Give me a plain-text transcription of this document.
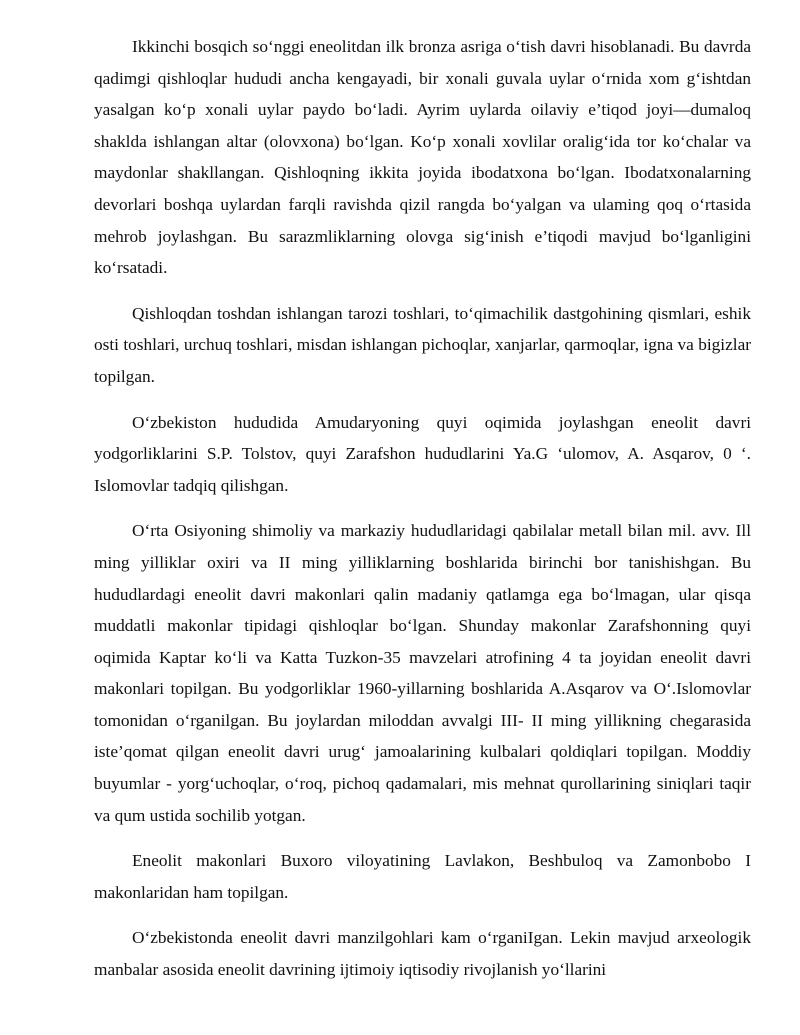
Ikkinchi bosqich so‘nggi eneolitdan ilk bronza asriga o‘tish davri hisoblanadi. Bu davrda qadimgi qishloqlar hududi ancha kengayadi, bir xonali guvala uylar o‘rnida xom g‘ishtdan yasalgan ko‘p xonali uylar paydo bo‘ladi. Ayrim uylarda oilaviy e’tiqod joyi—dumaloq shaklda ishlangan altar (olovxona) bo‘lgan. Ko‘p xonali xovlilar oralig‘ida tor ko‘chalar va maydonlar shakllangan. Qishloqning ikkita joyida ibodatxona bo‘lgan. Ibodatxonalarning devorlari boshqa uylardan farqli ravishda qizil rangda bo‘yalgan va ulaming qoq o‘rtasida mehrob joylashgan. Bu sarazmliklarning olovga sig‘inish e’tiqodi mavjud bo‘lganligini ko‘rsatadi.

Qishloqdan toshdan ishlangan tarozi toshlari, to‘qimachilik dastgohining qismlari, eshik osti toshlari, urchuq toshlari, misdan ishlangan pichoqlar, xanjarlar, qarmoqlar, igna va bigizlar topilgan.

O‘zbekiston hududida Amudaryoning quyi oqimida joylashgan eneolit davri yodgorliklarini S.P. Tolstov, quyi Zarafshon hududlarini Ya.G ‘ulomov, A. Asqarov, 0 ‘. Islomovlar tadqiq qilishgan.

O‘rta Osiyoning shimoliy va markaziy hududlaridagi qabilalar metall bilan mil. avv. Ill ming yilliklar oxiri va II ming yilliklarning boshlarida birinchi bor tanishishgan. Bu hududlardagi eneolit davri makonlari qalin madaniy qatlamga ega bo‘lmagan, ular qisqa muddatli makonlar tipidagi qishloqlar bo‘lgan. Shunday makonlar Zarafshonning quyi oqimida Kaptar ko‘li va Katta Tuzkon-35 mavzelari atrofining 4 ta joyidan eneolit davri makonlari topilgan. Bu yodgorliklar 1960-yillarning boshlarida A.Asqarov va O‘.Islomovlar tomonidan o‘rganilgan. Bu joylardan miloddan avvalgi III- II ming yillikning chegarasida iste’qomat qilgan eneolit davri urug‘ jamoalarining kulbalari qoldiqlari topilgan. Moddiy buyumlar - yorg‘uchoqlar, o‘roq, pichoq qadamalari, mis mehnat qurollarining siniqlari taqir va qum ustida sochilib yotgan.

Eneolit makonlari Buxoro viloyatining Lavlakon, Beshbuloq va Zamonbobo I makonlaridan ham topilgan.

O‘zbekistonda eneolit davri manzilgohlari kam o‘rganiIgan. Lekin mavjud arxeologik manbalar asosida eneolit davrining ijtimoiy iqtisodiy rivojlanish yo‘llarini
